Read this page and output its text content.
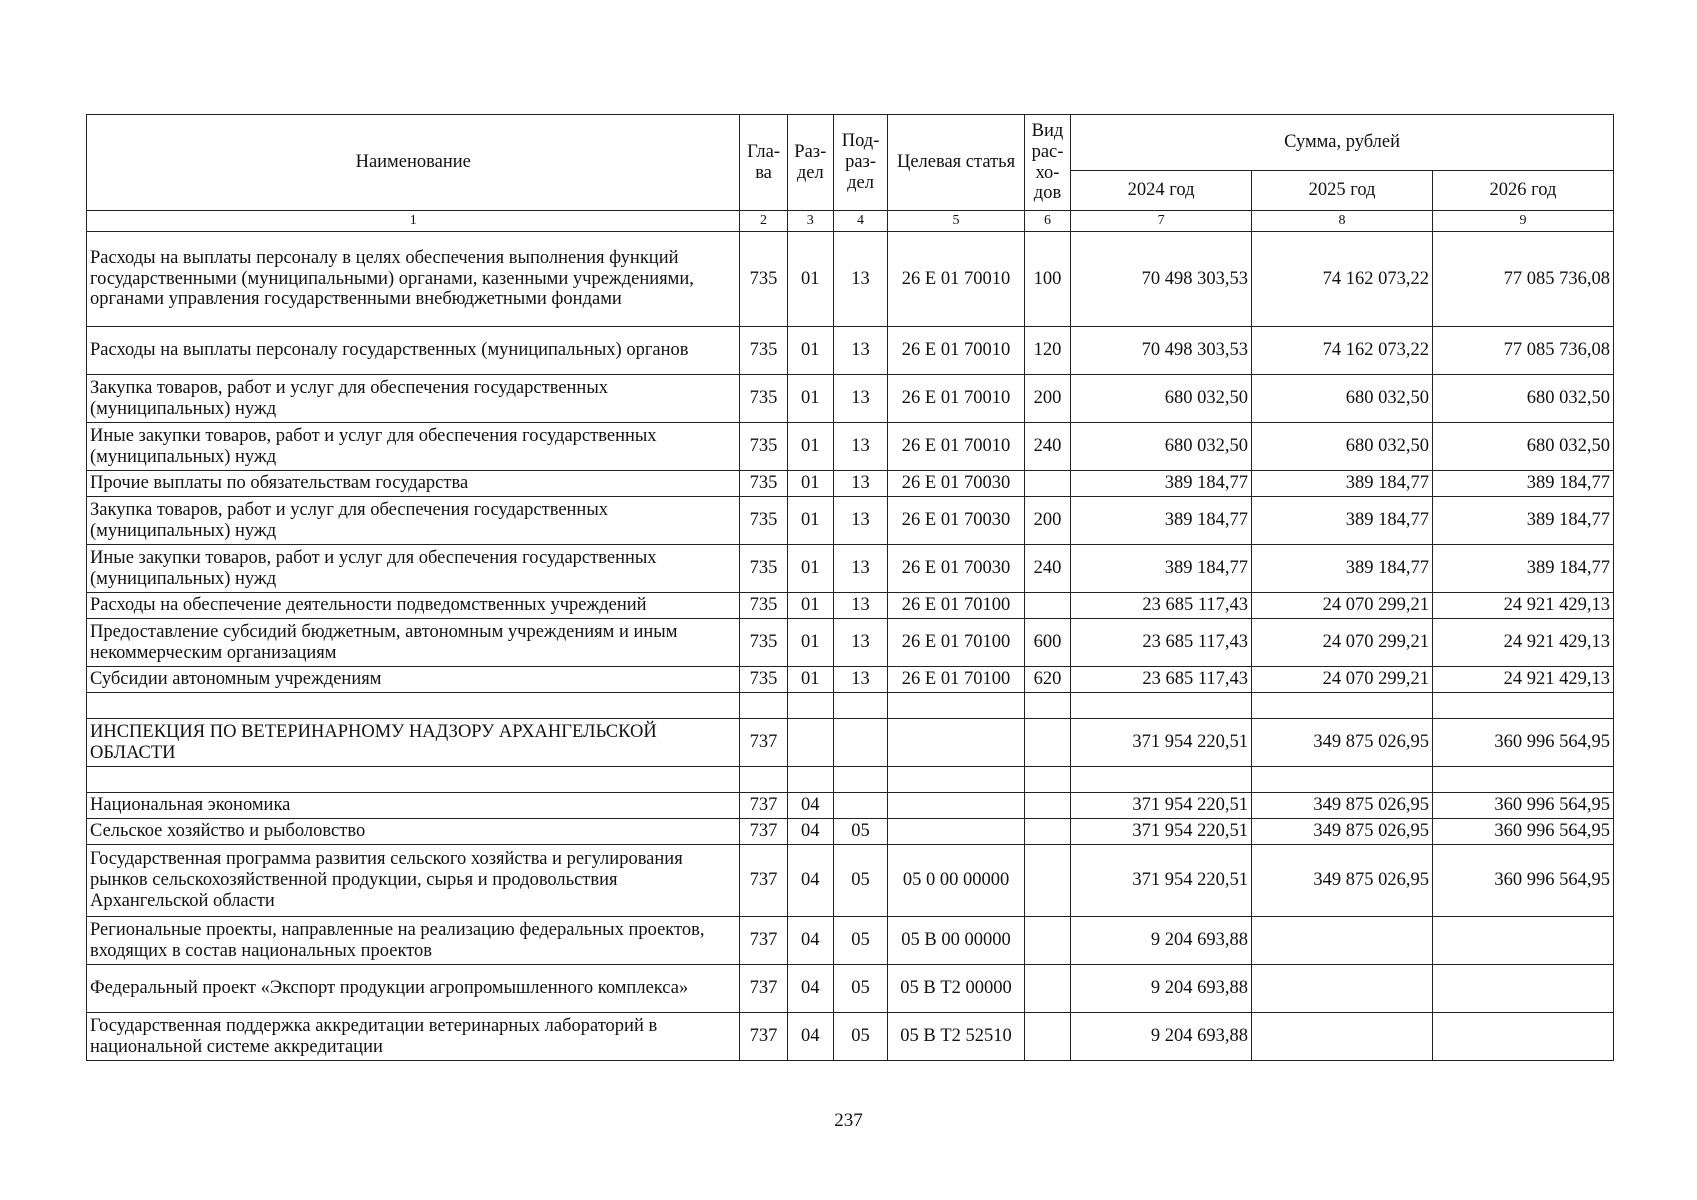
Наименование	Гла-ва	Раз-дел	Под-раз-дел	Целевая статья	Вид рас-хо-дов	Сумма, рублей		
						2024 год	2025 год	2026 год
1	2	3	4	5	6	7	8	9
Расходы на выплаты персоналу в целях обеспечения выполнения функций государственными (муниципальными) органами, казенными учреждениями, органами управления государственными внебюджетными фондами	735	01	13	26 Е 01 70010	100	70 498 303,53	74 162 073,22	77 085 736,08
Расходы на выплаты персоналу государственных (муниципальных) органов	735	01	13	26 Е 01 70010	120	70 498 303,53	74 162 073,22	77 085 736,08
Закупка товаров, работ и услуг для обеспечения государственных (муниципальных) нужд	735	01	13	26 Е 01 70010	200	680 032,50	680 032,50	680 032,50
Иные закупки товаров, работ и услуг для обеспечения государственных (муниципальных) нужд	735	01	13	26 Е 01 70010	240	680 032,50	680 032,50	680 032,50
Прочие выплаты по обязательствам государства	735	01	13	26 Е 01 70030		389 184,77	389 184,77	389 184,77
Закупка товаров, работ и услуг для обеспечения государственных (муниципальных) нужд	735	01	13	26 Е 01 70030	200	389 184,77	389 184,77	389 184,77
Иные закупки товаров, работ и услуг для обеспечения государственных (муниципальных) нужд	735	01	13	26 Е 01 70030	240	389 184,77	389 184,77	389 184,77
Расходы на обеспечение деятельности подведомственных учреждений	735	01	13	26 Е 01 70100		23 685 117,43	24 070 299,21	24 921 429,13
Предоставление субсидий бюджетным, автономным учреждениям и иным некоммерческим организациям	735	01	13	26 Е 01 70100	600	23 685 117,43	24 070 299,21	24 921 429,13
Субсидии автономным учреждениям	735	01	13	26 Е 01 70100	620	23 685 117,43	24 070 299,21	24 921 429,13

ИНСПЕКЦИЯ ПО ВЕТЕРИНАРНОМУ НАДЗОРУ АРХАНГЕЛЬСКОЙ ОБЛАСТИ	737					371 954 220,51	349 875 026,95	360 996 564,95

Национальная экономика	737	04				371 954 220,51	349 875 026,95	360 996 564,95
Сельское хозяйство и рыболовство	737	04	05			371 954 220,51	349 875 026,95	360 996 564,95
Государственная программа развития сельского хозяйства и регулирования рынков сельскохозяйственной продукции, сырья и продовольствия Архангельской области	737	04	05	05 0 00 00000		371 954 220,51	349 875 026,95	360 996 564,95
Региональные проекты, направленные на реализацию федеральных проектов, входящих в состав национальных проектов	737	04	05	05 В 00 00000		9 204 693,88		
Федеральный проект «Экспорт продукции агропромышленного комплекса»	737	04	05	05 В Т2 00000		9 204 693,88		
Государственная поддержка аккредитации ветеринарных лабораторий в национальной системе аккредитации	737	04	05	05 В Т2 52510		9 204 693,88		
237
